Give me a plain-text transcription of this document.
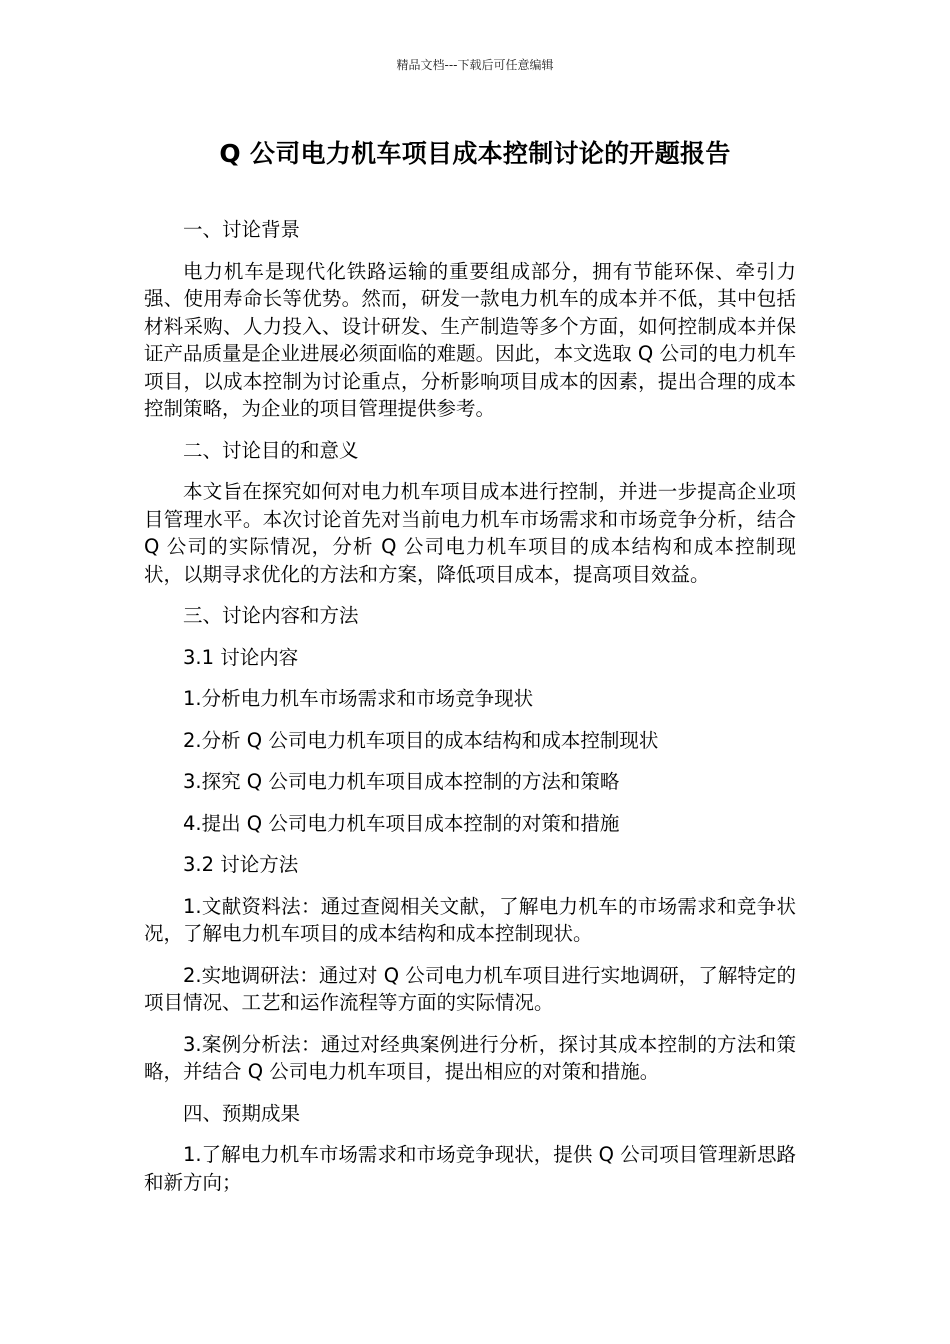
精品文档---下载后可任意编辑
Q 公司电力机车项目成本控制讨论的开题报告

一、讨论背景

电力机车是现代化铁路运输的重要组成部分，拥有节能环保、牵引力强、使用寿命长等优势。然而，研发一款电力机车的成本并不低，其中包括材料采购、人力投入、设计研发、生产制造等多个方面，如何控制成本并保证产品质量是企业进展必须面临的难题。因此，本文选取 Q 公司的电力机车项目，以成本控制为讨论重点，分析影响项目成本的因素，提出合理的成本控制策略，为企业的项目管理提供参考。

二、讨论目的和意义

本文旨在探究如何对电力机车项目成本进行控制，并进一步提高企业项目管理水平。本次讨论首先对当前电力机车市场需求和市场竞争分析，结合 Q 公司的实际情况，分析 Q 公司电力机车项目的成本结构和成本控制现状，以期寻求优化的方法和方案，降低项目成本，提高项目效益。

三、讨论内容和方法

3.1 讨论内容

1.分析电力机车市场需求和市场竞争现状

2.分析 Q 公司电力机车项目的成本结构和成本控制现状

3.探究 Q 公司电力机车项目成本控制的方法和策略

4.提出 Q 公司电力机车项目成本控制的对策和措施

3.2 讨论方法

1.文献资料法：通过查阅相关文献，了解电力机车的市场需求和竞争状况，了解电力机车项目的成本结构和成本控制现状。

2.实地调研法：通过对 Q 公司电力机车项目进行实地调研，了解特定的项目情况、工艺和运作流程等方面的实际情况。

3.案例分析法：通过对经典案例进行分析，探讨其成本控制的方法和策略，并结合 Q 公司电力机车项目，提出相应的对策和措施。

四、预期成果

1.了解电力机车市场需求和市场竞争现状，提供 Q 公司项目管理新思路和新方向；
